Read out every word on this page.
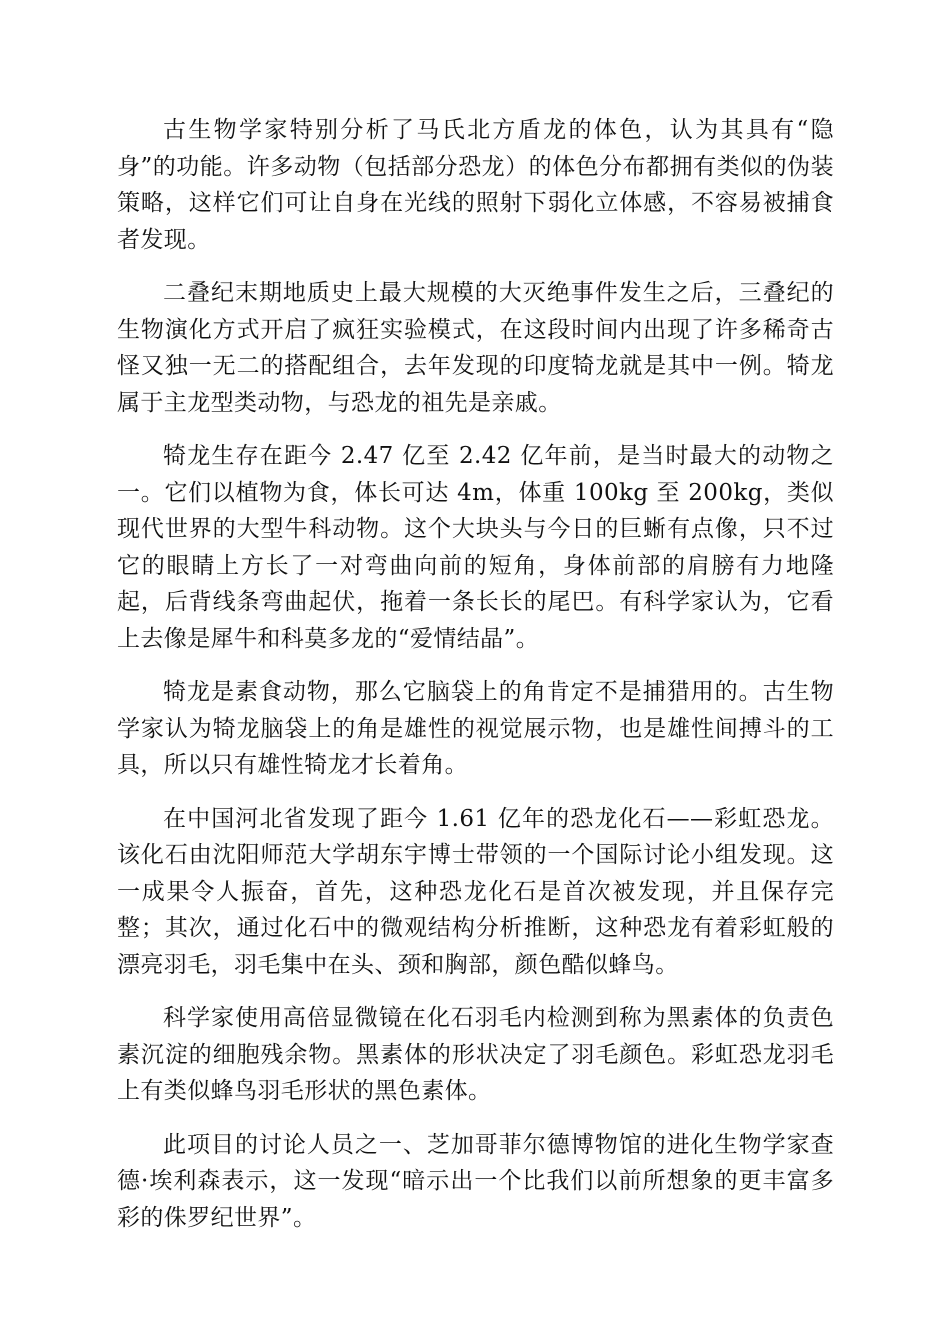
古生物学家特别分析了马氏北方盾龙的体色，认为其具有“隐身”的功能。许多动物（包括部分恐龙）的体色分布都拥有类似的伪装策略，这样它们可让自身在光线的照射下弱化立体感，不容易被捕食者发现。

二叠纪末期地质史上最大规模的大灭绝事件发生之后，三叠纪的生物演化方式开启了疯狂实验模式，在这段时间内出现了许多稀奇古怪又独一无二的搭配组合，去年发现的印度犄龙就是其中一例。犄龙属于主龙型类动物，与恐龙的祖先是亲戚。

犄龙生存在距今 2.47 亿至 2.42 亿年前，是当时最大的动物之一。它们以植物为食，体长可达 4m，体重 100kg 至 200kg，类似现代世界的大型牛科动物。这个大块头与今日的巨蜥有点像，只不过它的眼睛上方长了一对弯曲向前的短角，身体前部的肩膀有力地隆起，后背线条弯曲起伏，拖着一条长长的尾巴。有科学家认为，它看上去像是犀牛和科莫多龙的“爱情结晶”。

犄龙是素食动物，那么它脑袋上的角肯定不是捕猎用的。古生物学家认为犄龙脑袋上的角是雄性的视觉展示物，也是雄性间搏斗的工具，所以只有雄性犄龙才长着角。

在中国河北省发现了距今 1.61 亿年的恐龙化石——彩虹恐龙。该化石由沈阳师范大学胡东宇博士带领的一个国际讨论小组发现。这一成果令人振奋，首先，这种恐龙化石是首次被发现，并且保存完整；其次，通过化石中的微观结构分析推断，这种恐龙有着彩虹般的漂亮羽毛，羽毛集中在头、颈和胸部，颜色酷似蜂鸟。

科学家使用高倍显微镜在化石羽毛内检测到称为黑素体的负责色素沉淀的细胞残余物。黑素体的形状决定了羽毛颜色。彩虹恐龙羽毛上有类似蜂鸟羽毛形状的黑色素体。

此项目的讨论人员之一、芝加哥菲尔德博物馆的进化生物学家查德·埃利森表示，这一发现“暗示出一个比我们以前所想象的更丰富多彩的侏罗纪世界”。
